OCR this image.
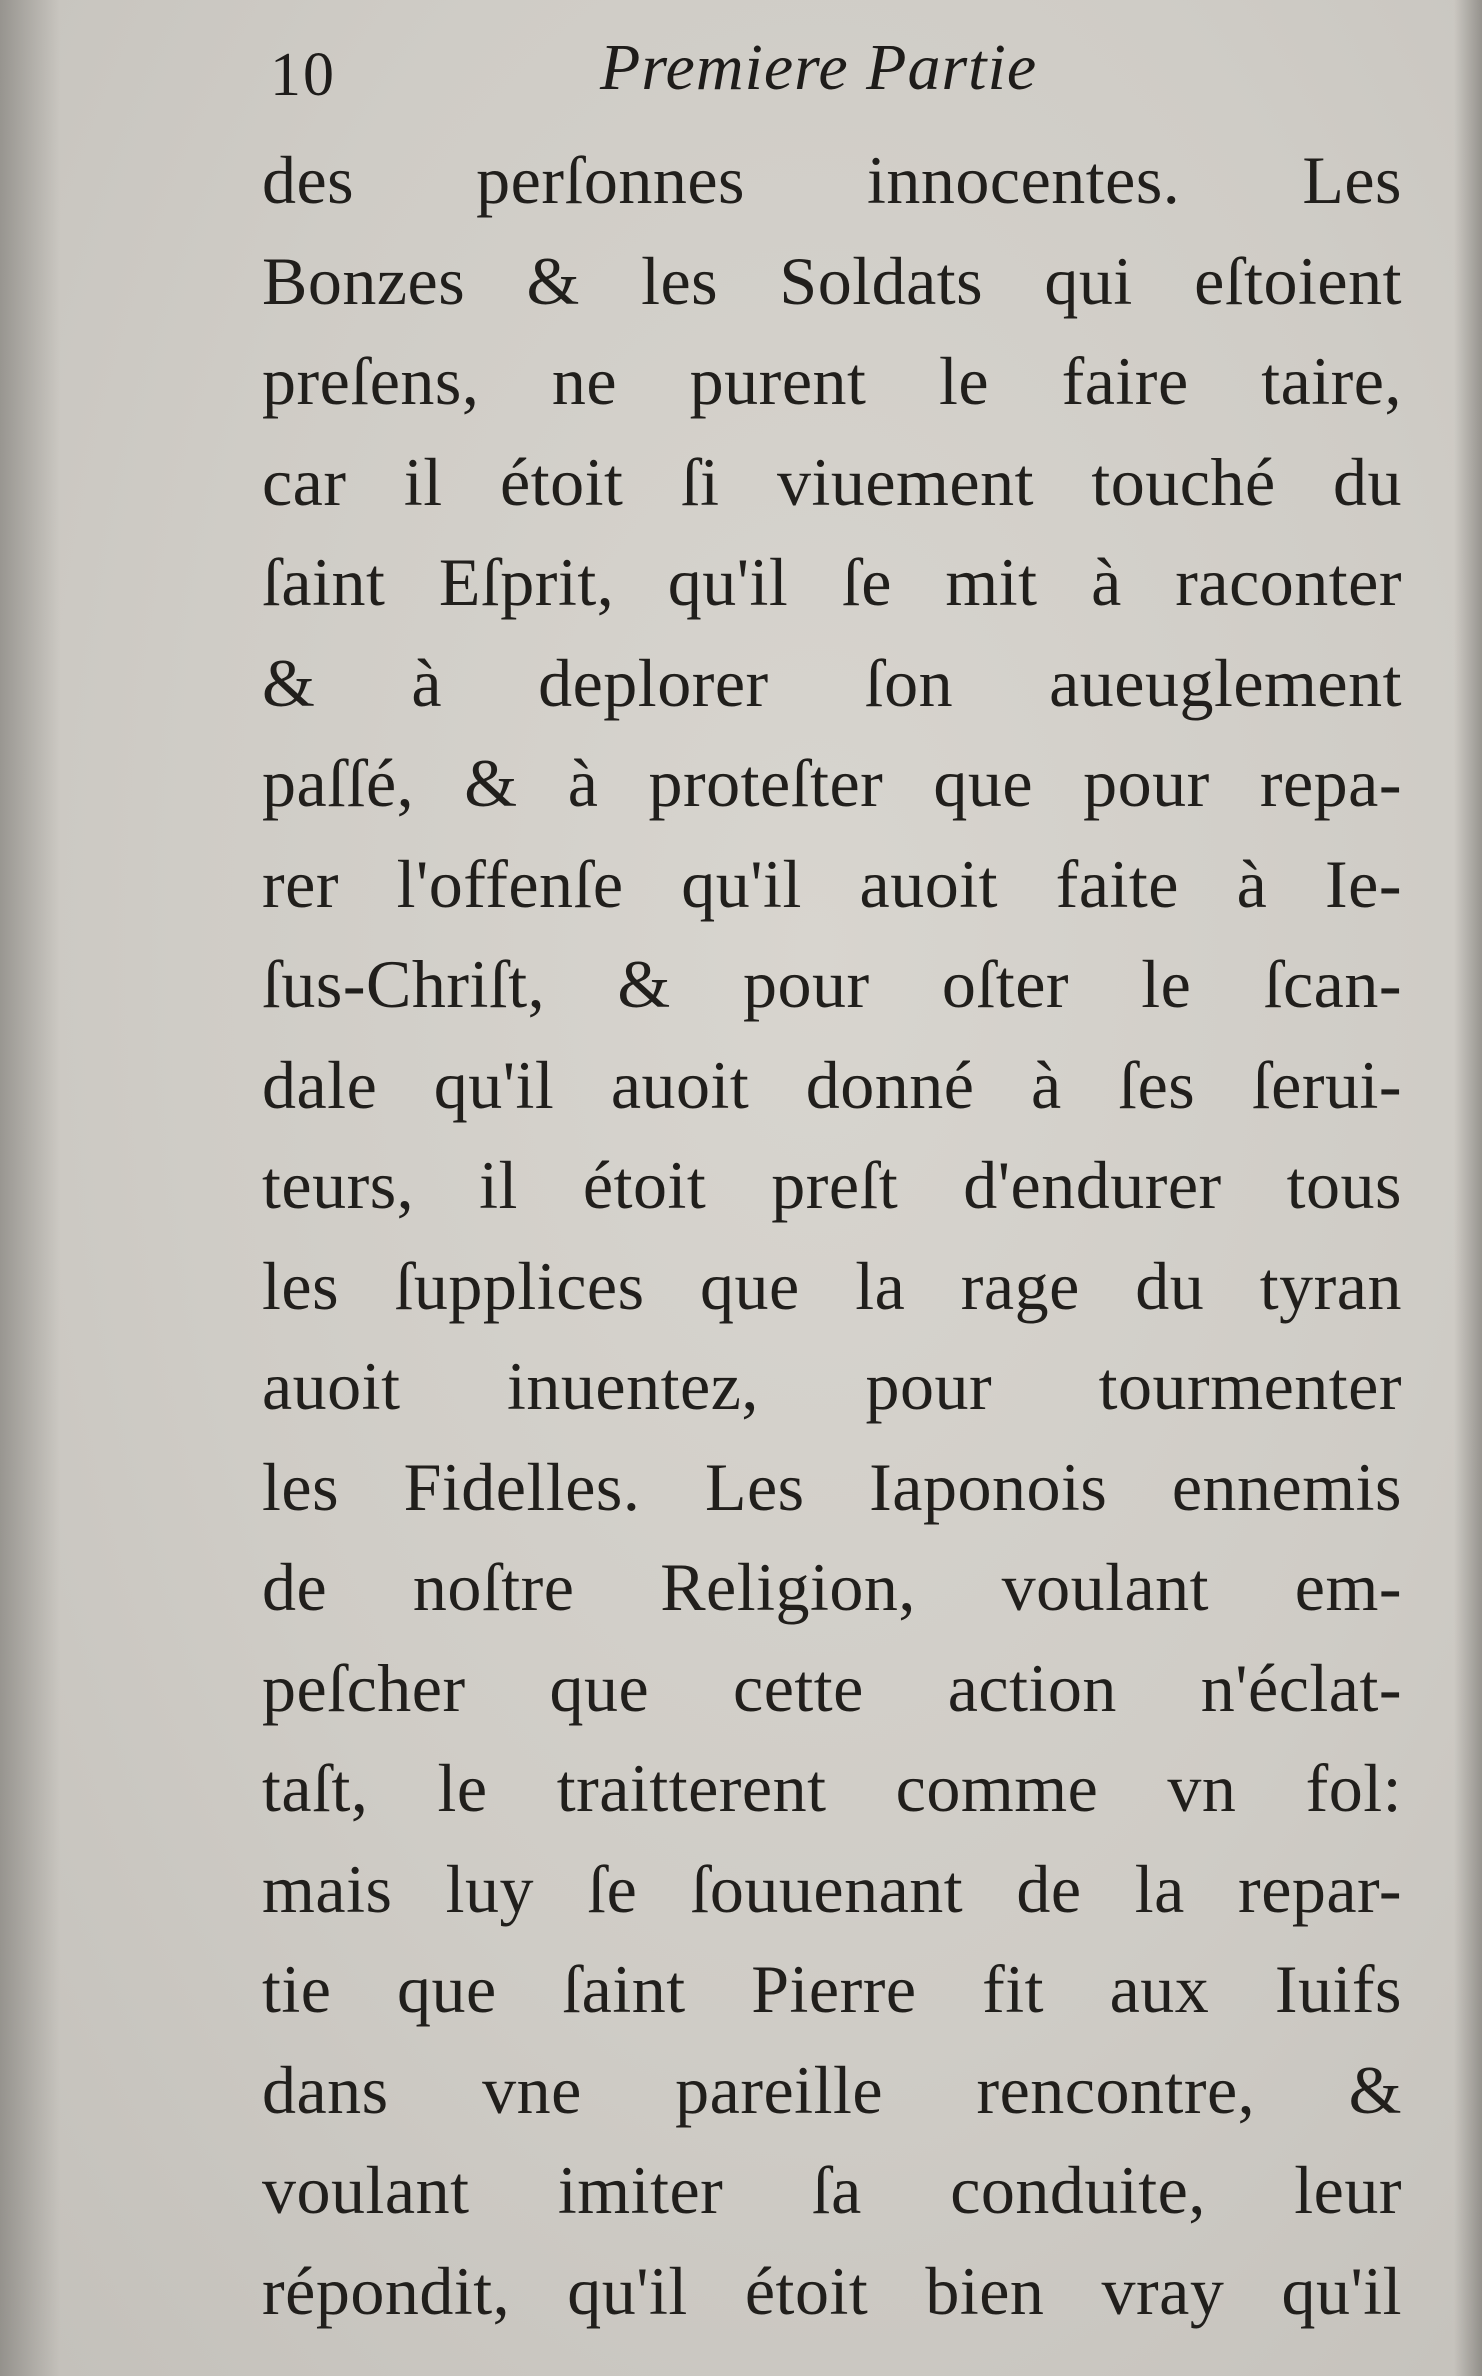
10	Premiere Partie
des perſonnes innocentes. Les
Bonzes & les Soldats qui eſtoient
preſens, ne purent le faire taire,
car il étoit ſi viuement touché du
ſaint Eſprit, qu'il ſe mit à raconter
& à deplorer ſon aueuglement
paſſé, & à proteſter que pour repa-
rer l'offenſe qu'il auoit faite à Ie-
ſus-Chriſt, & pour oſter le ſcan-
dale qu'il auoit donné à ſes ſerui-
teurs, il étoit preſt d'endurer tous
les ſupplices que la rage du tyran
auoit inuentez, pour tourmenter
les Fidelles. Les Iaponois ennemis
de noſtre Religion, voulant em-
peſcher que cette action n'éclat-
taſt, le traitterent comme vn fol:
mais luy ſe ſouuenant de la repar-
tie que ſaint Pierre fit aux Iuifs
dans vne pareille rencontre, &
voulant imiter ſa conduite, leur
répondit, qu'il étoit bien vray qu'il
